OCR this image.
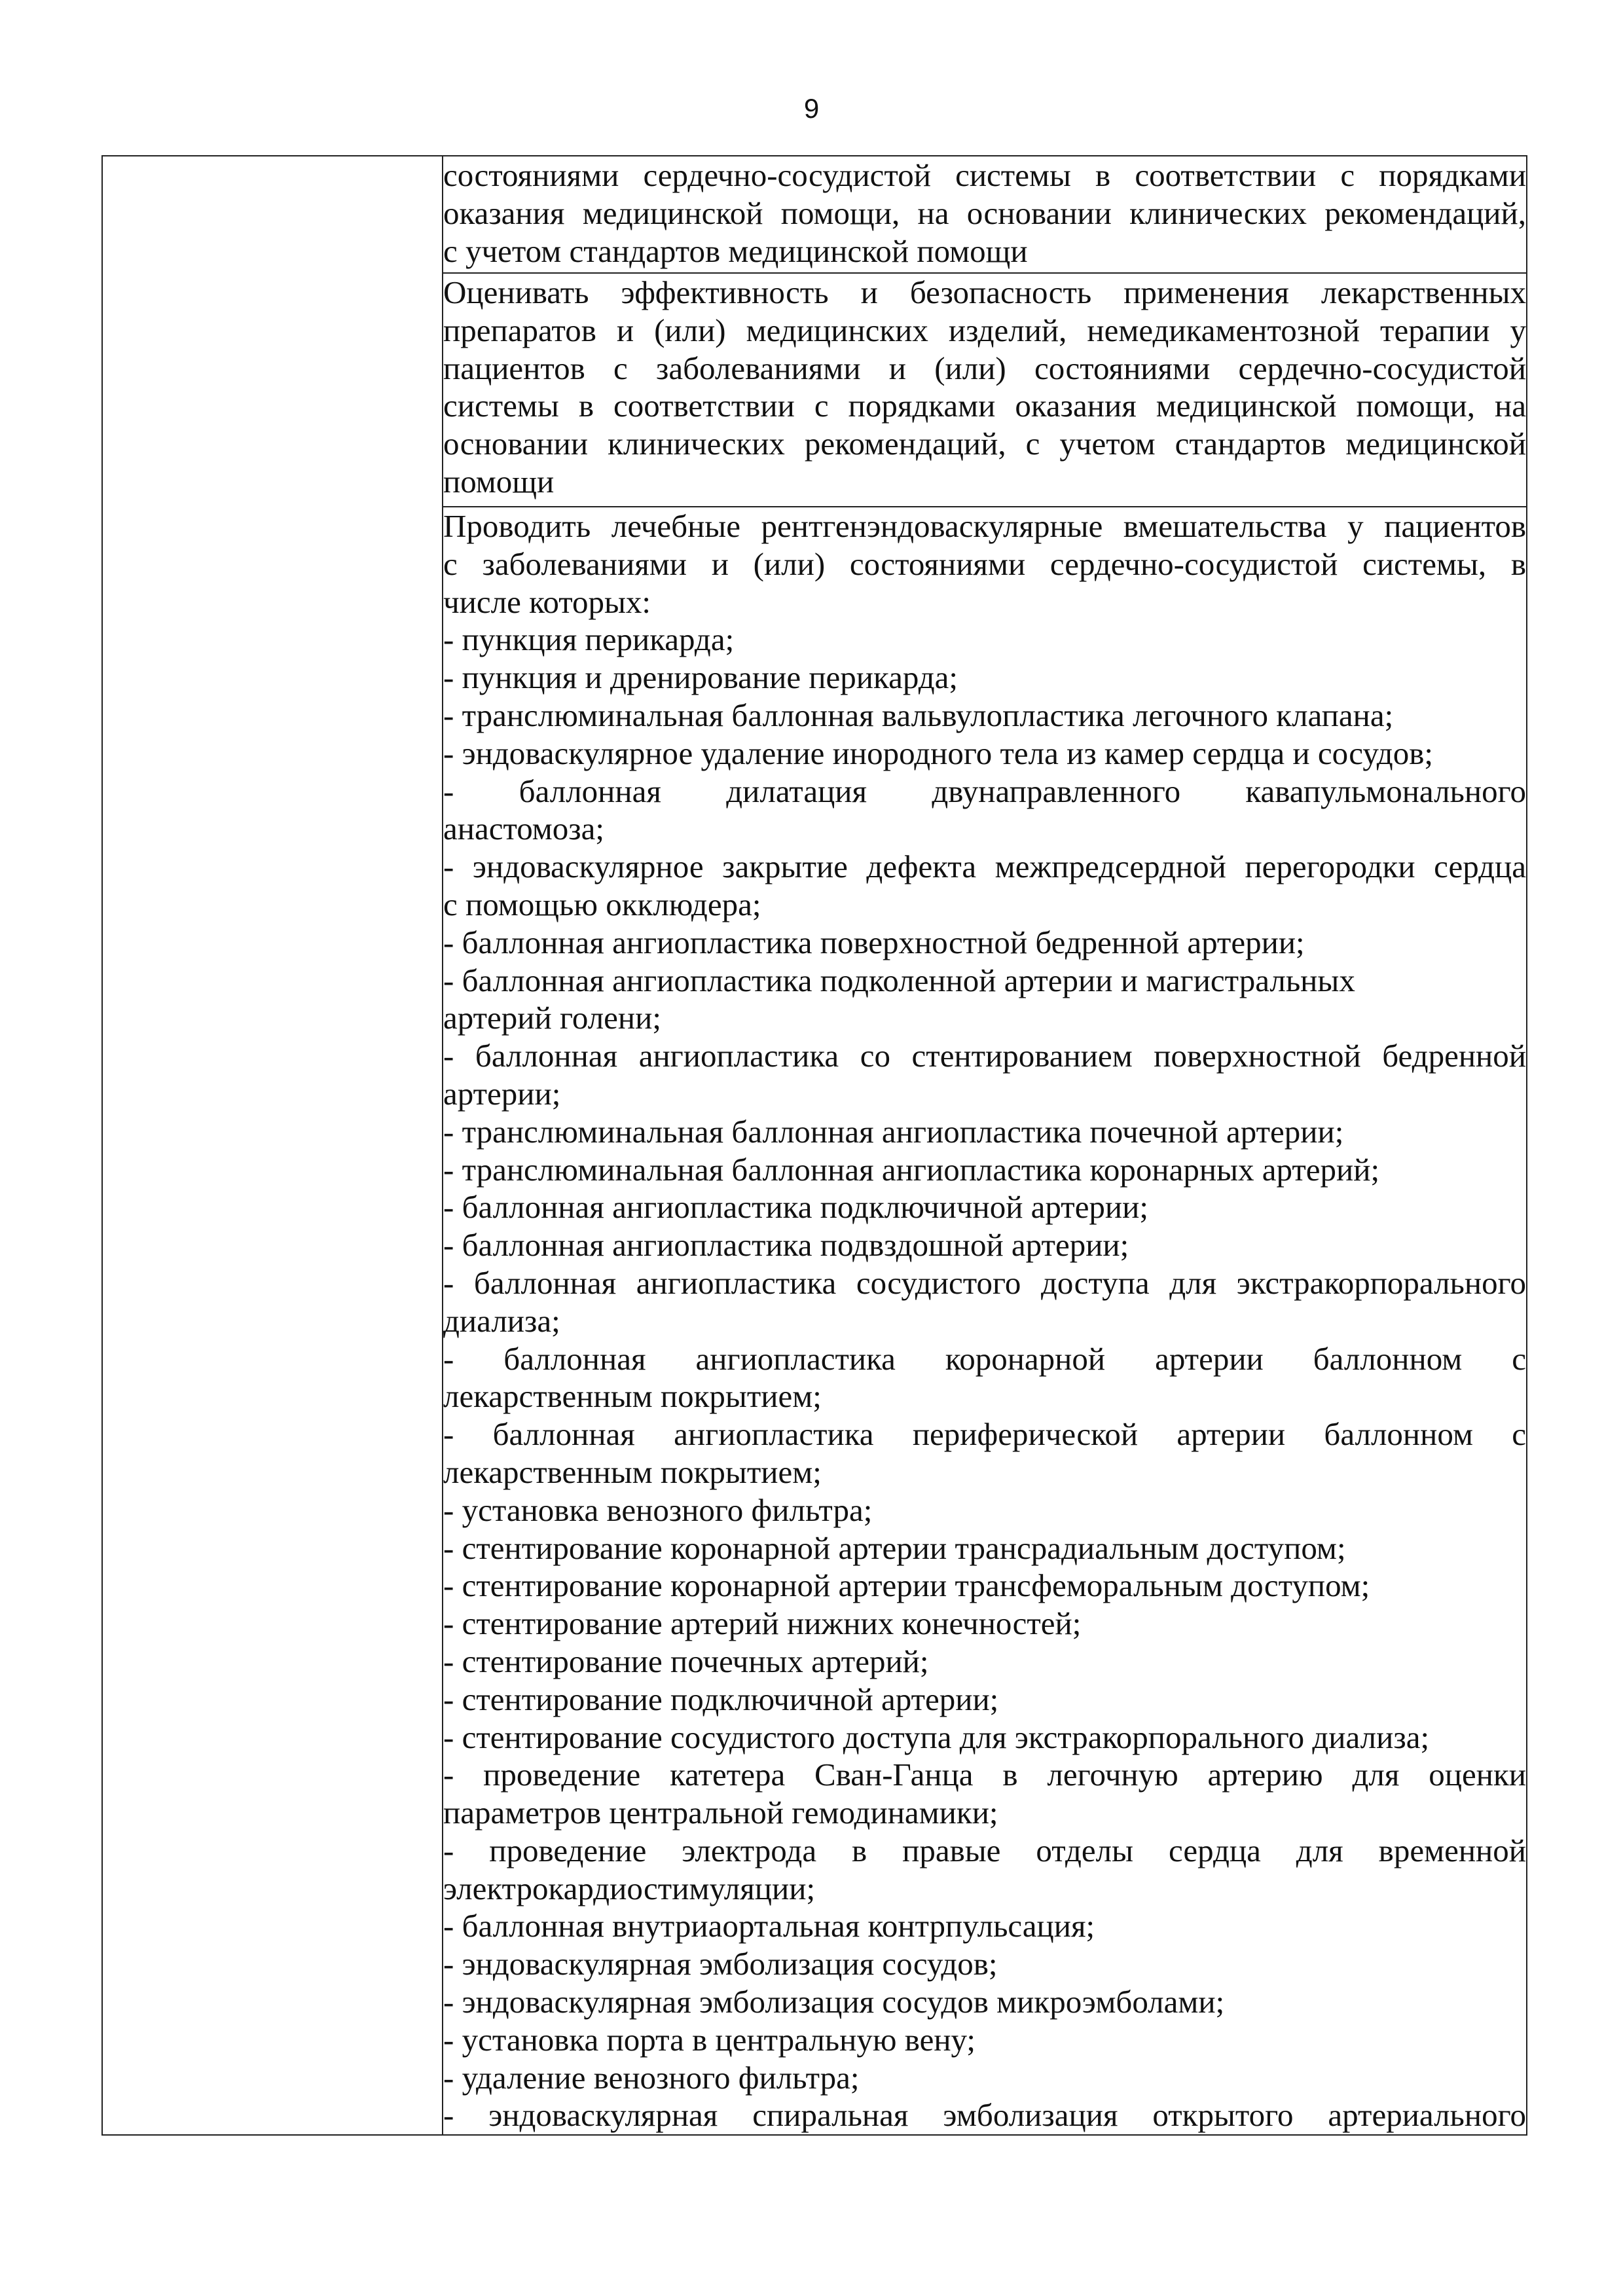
9

состояниями сердечно-сосудистой системы в соответствии с порядками
оказания медицинской помощи, на основании клинических рекомендаций,
с учетом стандартов медицинской помощи

Оценивать эффективность и безопасность применения лекарственных
препаратов и (или) медицинских изделий, немедикаментозной терапии у
пациентов с заболеваниями и (или) состояниями сердечно-сосудистой
системы в соответствии с порядками оказания медицинской помощи, на
основании клинических рекомендаций, с учетом стандартов медицинской
помощи

Проводить лечебные рентгенэндоваскулярные вмешательства у пациентов
с заболеваниями и (или) состояниями сердечно-сосудистой системы, в
числе которых:
- пункция перикарда;
- пункция и дренирование перикарда;
- транслюминальная баллонная вальвулопластика легочного клапана;
- эндоваскулярное удаление инородного тела из камер сердца и сосудов;
- баллонная дилатация двунаправленного кавапульмонального
анастомоза;
- эндоваскулярное закрытие дефекта межпредсердной перегородки сердца
с помощью окклюдера;
- баллонная ангиопластика поверхностной бедренной артерии;
- баллонная ангиопластика подколенной артерии и магистральных
артерий голени;
- баллонная ангиопластика со стентированием поверхностной бедренной
артерии;
- транслюминальная баллонная ангиопластика почечной артерии;
- транслюминальная баллонная ангиопластика коронарных артерий;
- баллонная ангиопластика подключичной артерии;
- баллонная ангиопластика подвздошной артерии;
- баллонная ангиопластика сосудистого доступа для экстракорпорального
диализа;
- баллонная ангиопластика коронарной артерии баллонном с
лекарственным покрытием;
- баллонная ангиопластика периферической артерии баллонном с
лекарственным покрытием;
- установка венозного фильтра;
- стентирование коронарной артерии трансрадиальным доступом;
- стентирование коронарной артерии трансфеморальным доступом;
- стентирование артерий нижних конечностей;
- стентирование почечных артерий;
- стентирование подключичной артерии;
- стентирование сосудистого доступа для экстракорпорального диализа;
- проведение катетера Сван-Ганца в легочную артерию для оценки
параметров центральной гемодинамики;
- проведение электрода в правые отделы сердца для временной
электрокардиостимуляции;
- баллонная внутриаортальная контрпульсация;
- эндоваскулярная эмболизация сосудов;
- эндоваскулярная эмболизация сосудов микроэмболами;
- установка порта в центральную вену;
- удаление венозного фильтра;
- эндоваскулярная спиральная эмболизация открытого артериального
